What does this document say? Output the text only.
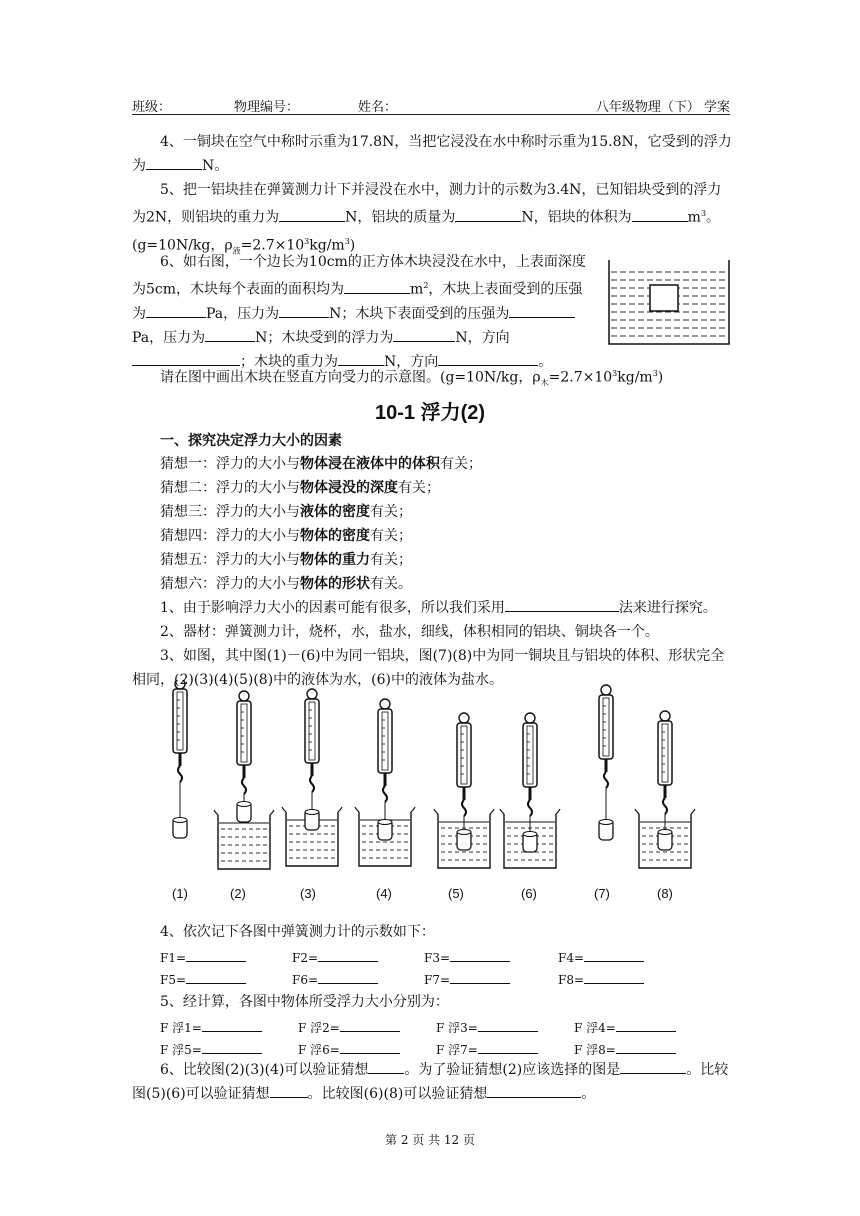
班级：	物理编号：	姓名：	八年级物理（下） 学案

4、一铜块在空气中称时示重为17.8N，当把它浸没在水中称时示重为15.8N，它受到的浮力为	N。

5、把一铝块挂在弹簧测力计下并浸没在水中，测力计的示数为3.4N，已知铝块受到的浮力为2N，则铝块的重力为	N，铝块的质量为	N，铝块的体积为	$m^3$。(g=10N/kg，$\rho_液=2.7\times 10^3kg/m^3$)

6、如右图，一个边长为10cm的正方体木块浸没在水中，上表面深度为5cm，木块每个表面的面积均为	$m^2$，木块上表面受到的压强为	Pa，压力为	N；木块下表面受到的压强为Pa，压力为	N；木块受到的浮力为	N，方向；木块的重力为	N，方向	。

请在图中画出木块在竖直方向受力的示意图。(g=10N/kg，$\rho_木=2.7\times 10^3kg/m^3$)

10-1 浮力(2)

一、探究决定浮力大小的因素

猜想一：浮力的大小与物体浸在液体中的体积有关；
猜想二：浮力的大小与物体浸没的深度有关；
猜想三：浮力的大小与液体的密度有关；
猜想四：浮力的大小与物体的密度有关；
猜想五：浮力的大小与物体的重力有关；
猜想六：浮力的大小与物体的形状有关。

1、由于影响浮力大小的因素可能有很多，所以我们采用	法来进行探究。

2、器材：弹簧测力计，烧杯，水，盐水，细线，体积相同的铝块、铜块各一个。

3、如图，其中图(1)－(6)中为同一铝块，图(7)(8)中为同一铜块且与铝块的体积、形状完全相同，(2)(3)(4)(5)(8)中的液体为水，(6)中的液体为盐水。

(1)	(2)	(3)	(4)	(5)	(6)	(7)	(8)

4、依次记下各图中弹簧测力计的示数如下：

F1=	F2=	F3=	F4=
F5=	F6=	F7=	F8=

5、经计算，各图中物体所受浮力大小分别为：

F 浮1=	F 浮2=	F 浮3=	F 浮4=
F 浮5=	F 浮6=	F 浮7=	F 浮8=

6、比较图(2)(3)(4)可以验证猜想	。为了验证猜想(2)应该选择的图是	。比较图(5)(6)可以验证猜想	。比较图(6)(8)可以验证猜想	。

第 2 页 共 12 页
